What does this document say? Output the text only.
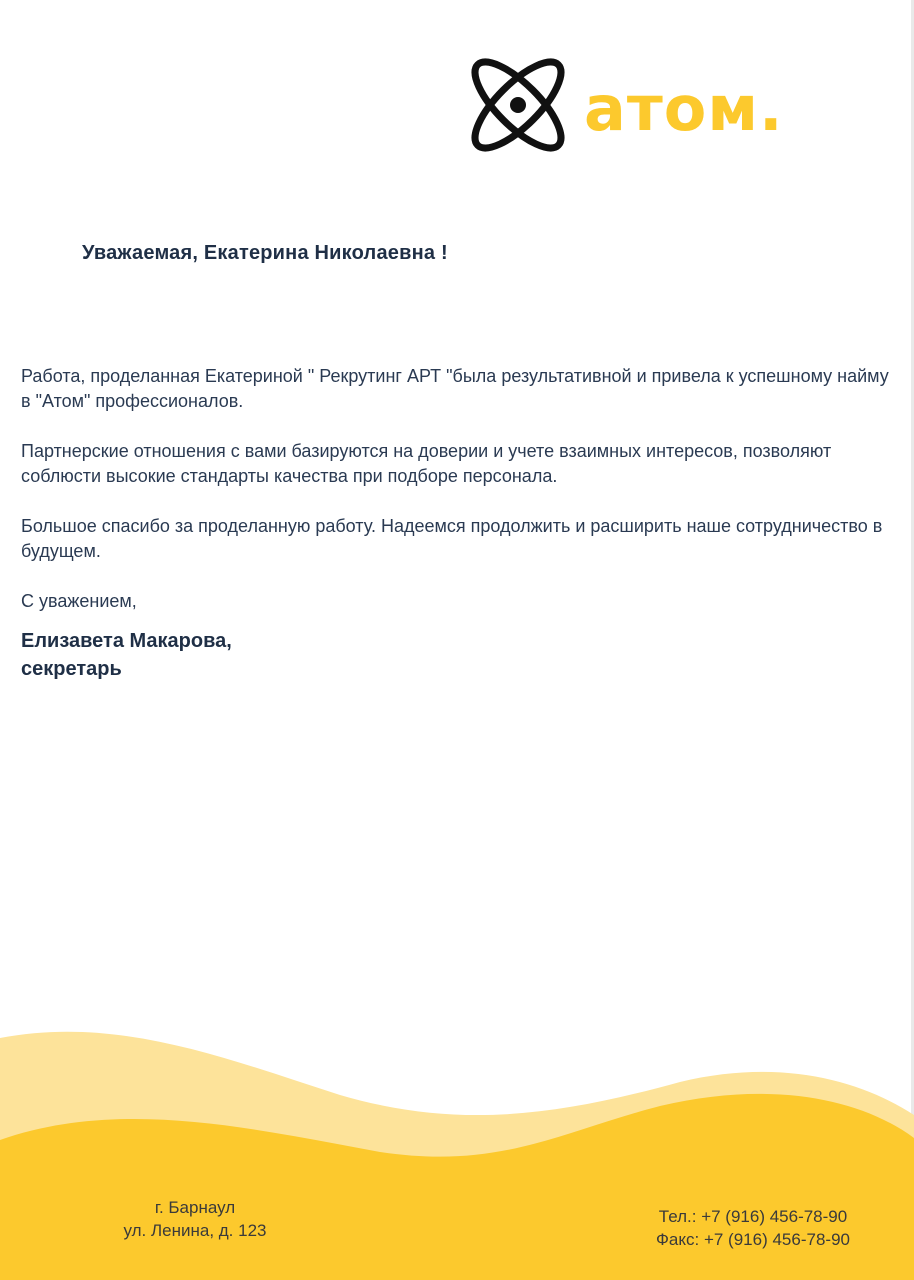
атом.
Уважаемая, Екатерина Николаевна !

Работа, проделанная Екатериной " Рекрутинг АРТ "была результативной и привела к успешному найму в "Атом" профессионалов.

Партнерские отношения с вами базируются на доверии и учете взаимных интересов, позволяют соблюсти высокие стандарты качества при подборе персонала.

Большое спасибо за проделанную работу. Надеемся продолжить и расширить наше сотрудничество в будущем.

С уважением,

Елизавета Макарова,

секретарь

г. Барнаул
ул. Ленина, д. 123
Тел.: +7 (916) 456-78-90
Факс: +7 (916) 456-78-90
